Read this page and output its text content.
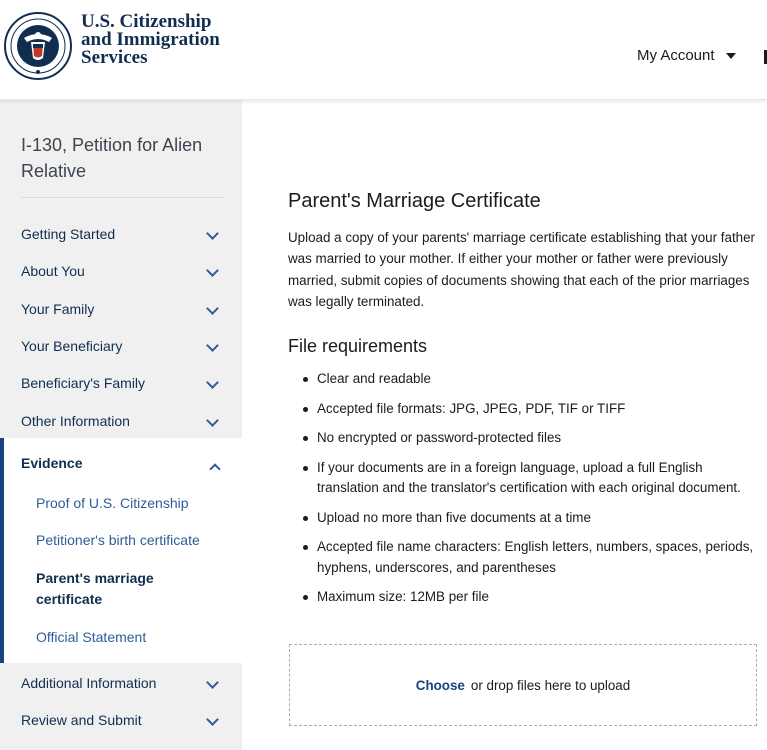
U.S. Citizenship
and Immigration
Services	My Account
I-130, Petition for Alien Relative
Getting Started
About You
Your Family
Your Beneficiary
Beneficiary's Family
Other Information
Evidence
Proof of U.S. Citizenship
Petitioner's birth certificate
Parent's marriage certificate
Official Statement
Additional Information
Review and Submit
Parent's Marriage Certificate

Upload a copy of your parents' marriage certificate establishing that your father was married to your mother. If either your mother or father were previously married, submit copies of documents showing that each of the prior marriages was legally terminated.

File requirements
Clear and readable
Accepted file formats: JPG, JPEG, PDF, TIF or TIFF
No encrypted or password-protected files
If your documents are in a foreign language, upload a full English translation and the translator's certification with each original document.
Upload no more than five documents at a time
Accepted file name characters: English letters, numbers, spaces, periods, hyphens, underscores, and parentheses
Maximum size: 12MB per file
Choose or drop files here to upload
